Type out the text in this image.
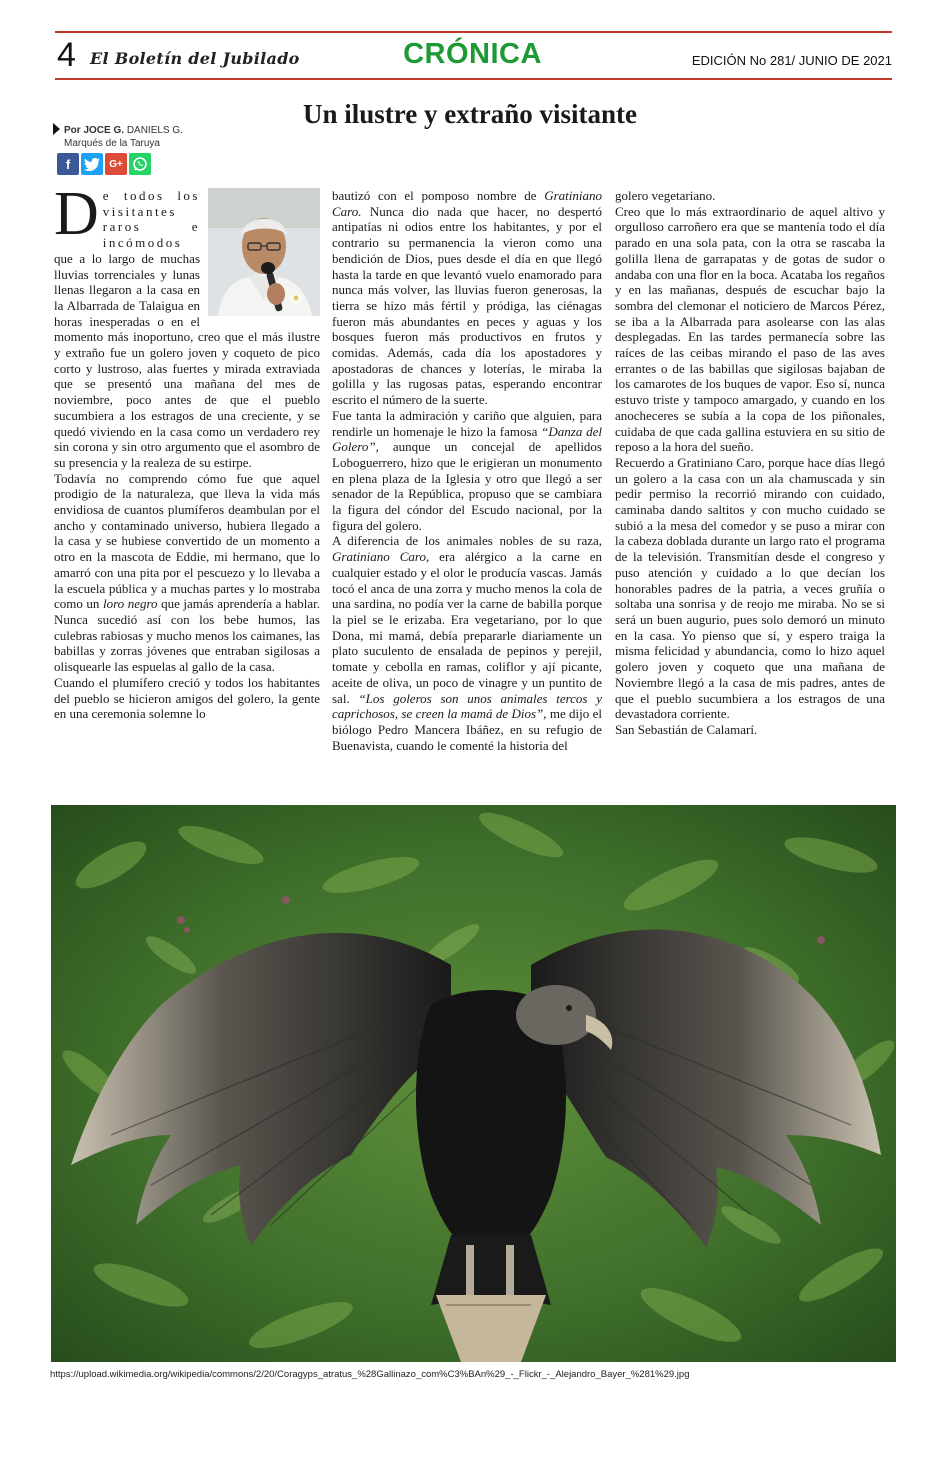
4 El Boletín del Jubilado	CRÓNICA	EDICIÓN No 281/ JUNIO DE 2021
Un ilustre y extraño visitante
Por JOCE G. DANIELS G.
Marqués de la Taruya
f	G+
D e todos los visitantes raros	e incómodos que a lo largo de muchas lluvias torrenciales y lunas llenas llegaron a la casa en la Albarrada de Talaigua en horas inesperadas o en el momento más inoportuno, creo que el más ilustre y extraño fue un golero joven y coqueto de pico corto y lustroso, alas fuertes y mirada extraviada que se presentó una mañana del mes de noviembre, poco antes de que el pueblo sucumbiera a los estragos de una creciente, y se quedó viviendo en la casa como un verdadero rey sin corona y sin otro argumento que el asombro de su presencia y la realeza de su estirpe.

Todavía no comprendo cómo fue que aquel prodigio de la naturaleza, que lleva la vida más envidiosa de cuantos plumíferos deambulan por el ancho y contaminado universo, hubiera llegado a la casa y se hubiese convertido de un momento a otro en la mascota de Eddie, mi hermano, que lo amarró con una pita por el pescuezo y lo llevaba a la escuela pública y a muchas partes y lo mostraba como un loro negro que jamás aprendería a hablar. Nunca sucedió así con los bebe humos, las culebras rabiosas y mucho menos los caimanes, las babillas y zorras jóvenes que entraban sigilosas a olisquearle las espuelas al gallo de la casa.

Cuando el plumífero creció y todos los habitantes del pueblo se hicieron amigos del golero, la gente en una ceremonia solemne lo

bautizó con el pomposo nombre de Gratiniano Caro. Nunca dio nada que hacer, no despertó antipatías ni odios entre los habitantes, y por el contrario su permanencia la vieron como una bendición de Dios, pues desde el día en que llegó hasta la tarde en que levantó vuelo enamorado para nunca más volver, las lluvias fueron generosas, la tierra se hizo más fértil y pródiga, las ciénagas fueron más abundantes en peces y aguas y los bosques fueron más productivos en frutos y comidas. Además, cada día los apostadores y apostadoras de chances y loterías, le miraba la golilla y las rugosas patas, esperando encontrar escrito el número de la suerte.

Fue tanta la admiración y cariño que alguien, para rendirle un homenaje le hizo la famosa “Danza del Golero”, aunque un concejal de apellidos Loboguerrero, hizo que le erigieran un monumento en plena plaza de la Iglesia y otro que llegó a ser senador de la República, propuso que se cambiara la figura del cóndor del Escudo nacional, por la figura del golero.

A diferencia de los animales nobles de su raza, Gratiniano Caro, era alérgico a la carne en cualquier estado y el olor le producía vascas. Jamás tocó el anca de una zorra y mucho menos la cola de una sardina, no podía ver la carne de babilla porque la piel se le erizaba. Era vegetariano, por lo que Dona, mi mamá, debía prepararle diariamente un plato suculento de ensalada de pepinos y perejil, tomate y cebolla en ramas, coliflor y ají picante, aceite de oliva, un poco de vinagre y un puntito de sal. “Los goleros son unos animales tercos y caprichosos, se creen la mamá de Dios”, me dijo el biólogo Pedro Mancera Ibáñez, en su refugio de Buenavista, cuando le comenté la historia del

golero vegetariano.

Creo que lo más extraordinario de aquel altivo y orgulloso carroñero era que se mantenía todo el día parado en una sola pata, con la otra se rascaba la golilla llena de garrapatas y de gotas de sudor o andaba con una flor en la boca. Acataba los regaños y en las mañanas, después de escuchar bajo la sombra del clemonar el noticiero de Marcos Pérez, se iba a la Albarrada para asolearse con las alas desplegadas. En las tardes permanecía sobre las raíces de las ceibas mirando el paso de las aves errantes o de las babillas que sigilosas bajaban de los camarotes de los buques de vapor. Eso sí, nunca estuvo triste y tampoco amargado, y cuando en los anocheceres se subía a la copa de los piñonales, cuidaba de que cada gallina estuviera en su sitio de reposo a la hora del sueño.

Recuerdo a Gratiniano Caro, porque hace días llegó un golero a la casa con un ala chamuscada y sin pedir permiso la recorrió mirando con cuidado, caminaba dando saltitos y con mucho cuidado se subió a la mesa del comedor y se puso a mirar con la cabeza doblada durante un largo rato el programa de la televisión. Transmitían desde el congreso y puso atención y cuidado a lo que decían los honorables padres de la patria, a veces gruñía o soltaba una sonrisa y de reojo me miraba. No se si será un buen augurio, pues solo demoró un minuto en la casa. Yo pienso que sí, y espero traiga la misma felicidad y abundancia, como lo hizo aquel golero joven y coqueto que una mañana de Noviembre llegó a la casa de mis padres, antes de que el pueblo sucumbiera a los estragos de una devastadora corriente.

San Sebastián de Calamarí.

https://upload.wikimedia.org/wikipedia/commons/2/20/Coragyps_atratus_%28Gallinazo_com%C3%BAn%29_-_Flickr_-_Alejandro_Bayer_%281%29.jpg
